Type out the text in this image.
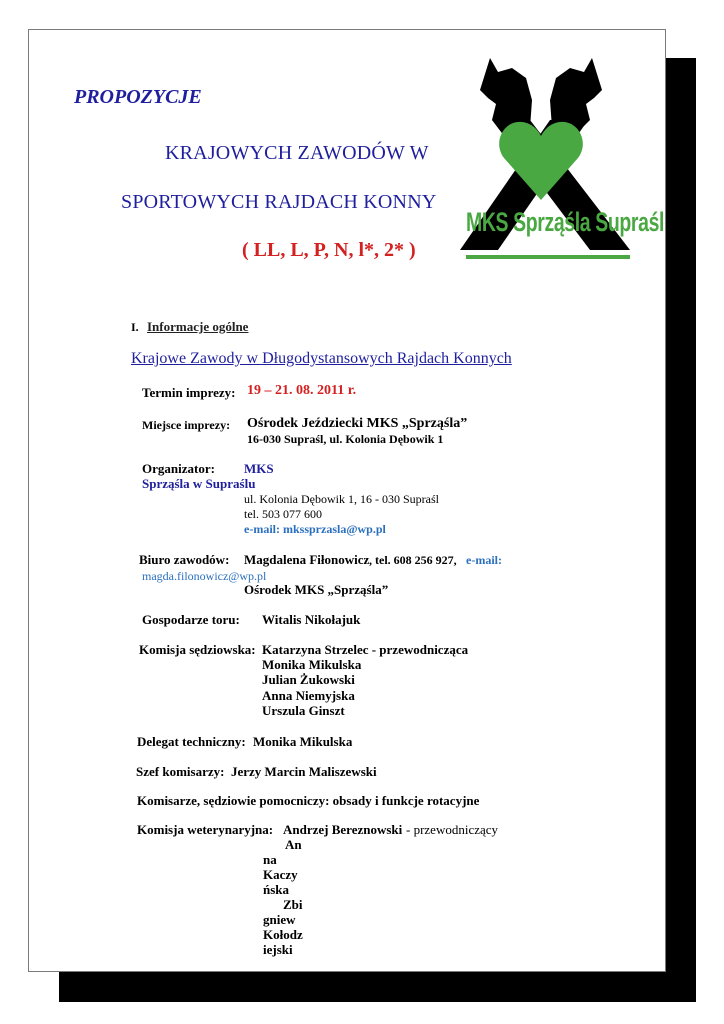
MKS Sprząśla Supraśl
PROPOZYCJE
KRAJOWYCH ZAWODÓW W
SPORTOWYCH RAJDACH KONNY
( LL, L, P, N, l*, 2* )
I. Informacje ogólne
Krajowe Zawody w Długodystansowych Rajdach Konnych
Termin imprezy: 19 – 21. 08. 2011 r.
Miejsce imprezy: Ośrodek Jeździecki MKS „Sprząśla”
16-030 Supraśl, ul. Kolonia Dębowik 1
Organizator: MKS
Sprząśla w Supraślu
ul. Kolonia Dębowik 1, 16 - 030 Supraśl
tel. 503 077 600
e-mail: mkssprzasla@wp.pl
Biuro zawodów: Magdalena Fiłonowicz , tel. 608 256 927, e-mail:
magda.filonowicz@wp.pl
Ośrodek MKS „Sprząśla”
Gospodarze toru: Witalis Nikołajuk
Komisja sędziowska: Katarzyna Strzelec - przewodnicząca
Monika Mikulska
Julian Żukowski
Anna Niemyjska
Urszula Ginszt
Delegat techniczny: Monika Mikulska
Szef komisarzy: Jerzy Marcin Maliszewski
Komisarze, sędziowie pomocniczy: obsady i funkcje rotacyjne
Komisja weterynaryjna: Andrzej Bereznowski - przewodniczący
An
na
Kaczy
ńska
Zbi
gniew
Kołodz
iejski
